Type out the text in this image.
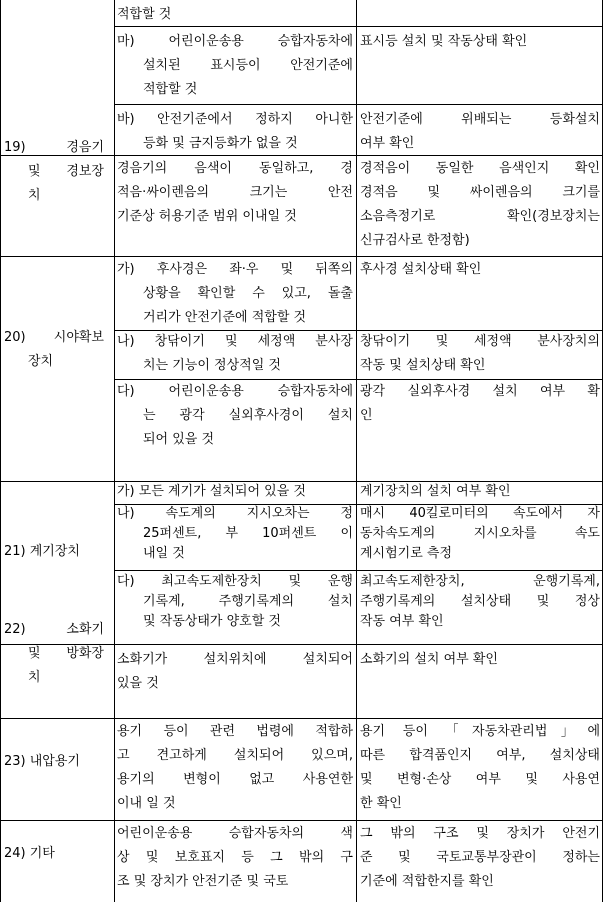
적합할 것
마) 어린이운송용 승합자동차에
설치된 표시등이 안전기준에
적합할 것
표시등 설치 및 작동상태 확인
바) 안전기준에서 정하지 아니한
등화 및 금지등화가 없을 것
안전기준에 위배되는 등화설치
여부 확인
19) 경음기
및 경보장
치
경음기의 음색이 동일하고, 경
적음·싸이렌음의 크기는 안전
기준상 허용기준 범위 이내일 것
경적음이 동일한 음색인지 확인
경적음 및 싸이렌음의 크기를
소음측정기로 확인(경보장치는
신규검사로 한정함)
20) 시야확보
장치
가) 후사경은 좌·우 및 뒤쪽의
상황을 확인할 수 있고, 돌출
거리가 안전기준에 적합할 것
후사경 설치상태 확인
나) 창닦이기 및 세정액 분사장
치는 기능이 정상적일 것
창닦이기 및 세정액 분사장치의
작동 및 설치상태 확인
다) 어린이운송용 승합자동차에
는 광각 실외후사경이 설치
되어 있을 것
광각 실외후사경 설치 여부 확
인
21) 계기장치
가) 모든 계기가 설치되어 있을 것	계기장치의 설치 여부 확인
나) 속도계의 지시오차는 정
25퍼센트, 부 10퍼센트 이
내일 것
매시 40킬로미터의 속도에서 자
동차속도계의 지시오차를 속도
계시험기로 측정
다) 최고속도제한장치 및 운행
기록계, 주행기록계의 설치
및 작동상태가 양호할 것
최고속도제한장치, 운행기록계,
주행기록계의 설치상태 및 정상
작동 여부 확인
22) 소화기
및 방화장
치
소화기가 설치위치에 설치되어
있을 것
소화기의 설치 여부 확인
23) 내압용기
용기 등이 관련 법령에 적합하
고 견고하게 설치되어 있으며,
용기의 변형이 없고 사용연한
이내 일 것
용기 등이 「자동차관리법」에
따른 합격품인지 여부, 설치상태
및 변형·손상 여부 및 사용연
한 확인
24) 기타
어린이운송용 승합자동차의 색
상 및 보호표지 등 그 밖의 구
조 및 장치가 안전기준 및 국토
그 밖의 구조 및 장치가 안전기
준 및 국토교통부장관이 정하는
기준에 적합한지를 확인
